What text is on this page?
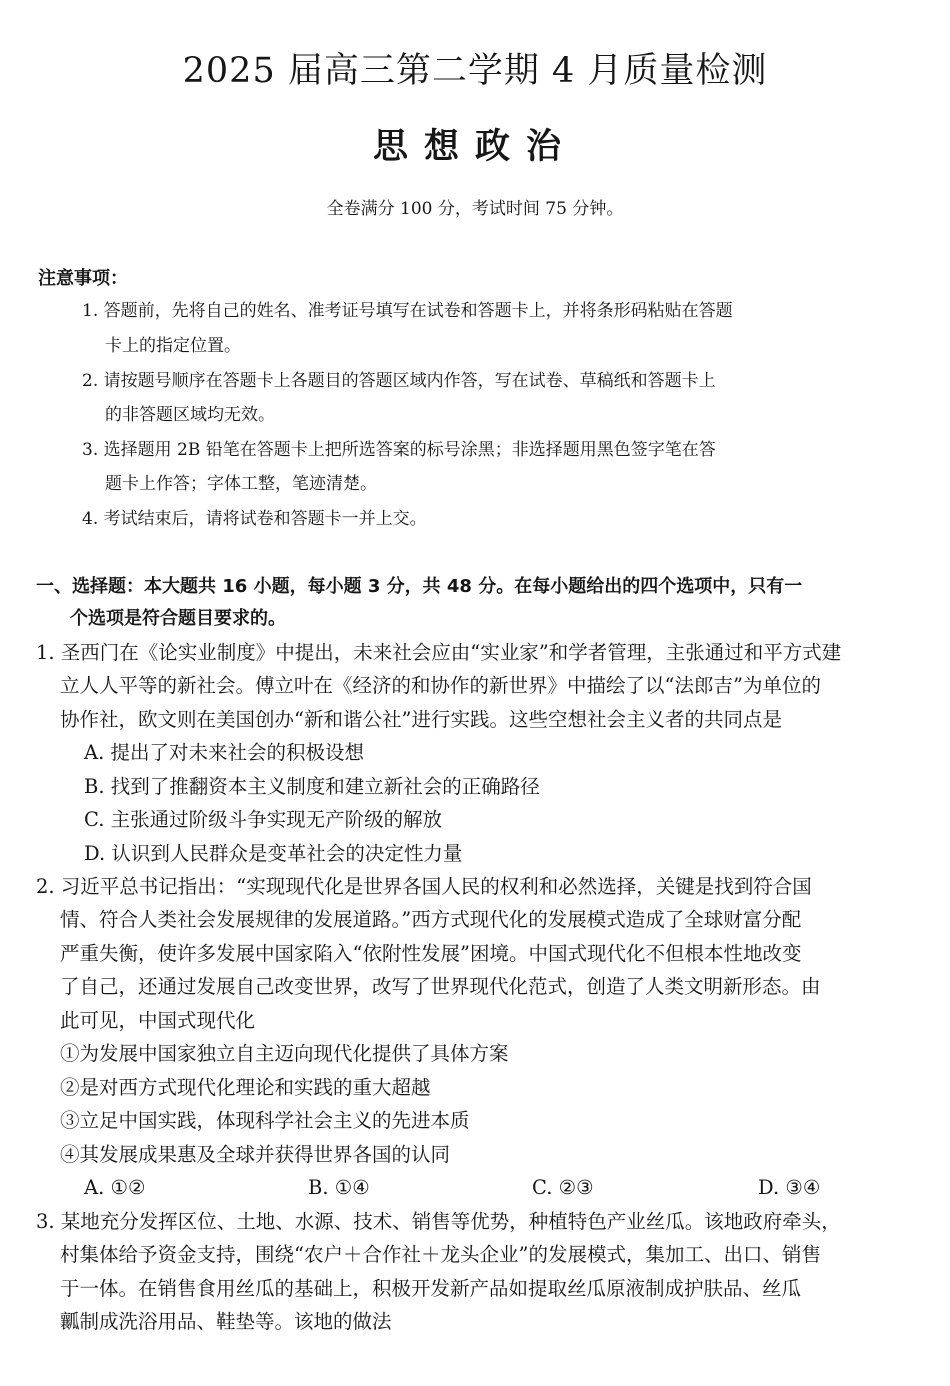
2025 届高三第二学期 4 月质量检测
思想政治
全卷满分 100 分，考试时间 75 分钟。
注意事项：
1. 答题前，先将自己的姓名、准考证号填写在试卷和答题卡上，并将条形码粘贴在答题
卡上的指定位置。
2. 请按题号顺序在答题卡上各题目的答题区域内作答，写在试卷、草稿纸和答题卡上
的非答题区域均无效。
3. 选择题用 2B 铅笔在答题卡上把所选答案的标号涂黑；非选择题用黑色签字笔在答
题卡上作答；字体工整，笔迹清楚。
4. 考试结束后，请将试卷和答题卡一并上交。
一、选择题：本大题共 16 小题，每小题 3 分，共 48 分。在每小题给出的四个选项中，只有一
个选项是符合题目要求的。
1. 圣西门在《论实业制度》中提出，未来社会应由“实业家”和学者管理，主张通过和平方式建
立人人平等的新社会。傅立叶在《经济的和协作的新世界》中描绘了以“法郎吉”为单位的
协作社，欧文则在美国创办“新和谐公社”进行实践。这些空想社会主义者的共同点是
A. 提出了对未来社会的积极设想
B. 找到了推翻资本主义制度和建立新社会的正确路径
C. 主张通过阶级斗争实现无产阶级的解放
D. 认识到人民群众是变革社会的决定性力量
2. 习近平总书记指出：“实现现代化是世界各国人民的权利和必然选择，关键是找到符合国
情、符合人类社会发展规律的发展道路。”西方式现代化的发展模式造成了全球财富分配
严重失衡，使许多发展中国家陷入“依附性发展”困境。中国式现代化不但根本性地改变
了自己，还通过发展自己改变世界，改写了世界现代化范式，创造了人类文明新形态。由
此可见，中国式现代化
①为发展中国家独立自主迈向现代化提供了具体方案
②是对西方式现代化理论和实践的重大超越
③立足中国实践，体现科学社会主义的先进本质
④其发展成果惠及全球并获得世界各国的认同
A. ①②	B. ①④	C. ②③	D. ③④
3. 某地充分发挥区位、土地、水源、技术、销售等优势，种植特色产业丝瓜。该地政府牵头，
村集体给予资金支持，围绕“农户＋合作社＋龙头企业”的发展模式，集加工、出口、销售
于一体。在销售食用丝瓜的基础上，积极开发新产品如提取丝瓜原液制成护肤品、丝瓜
瓤制成洗浴用品、鞋垫等。该地的做法
